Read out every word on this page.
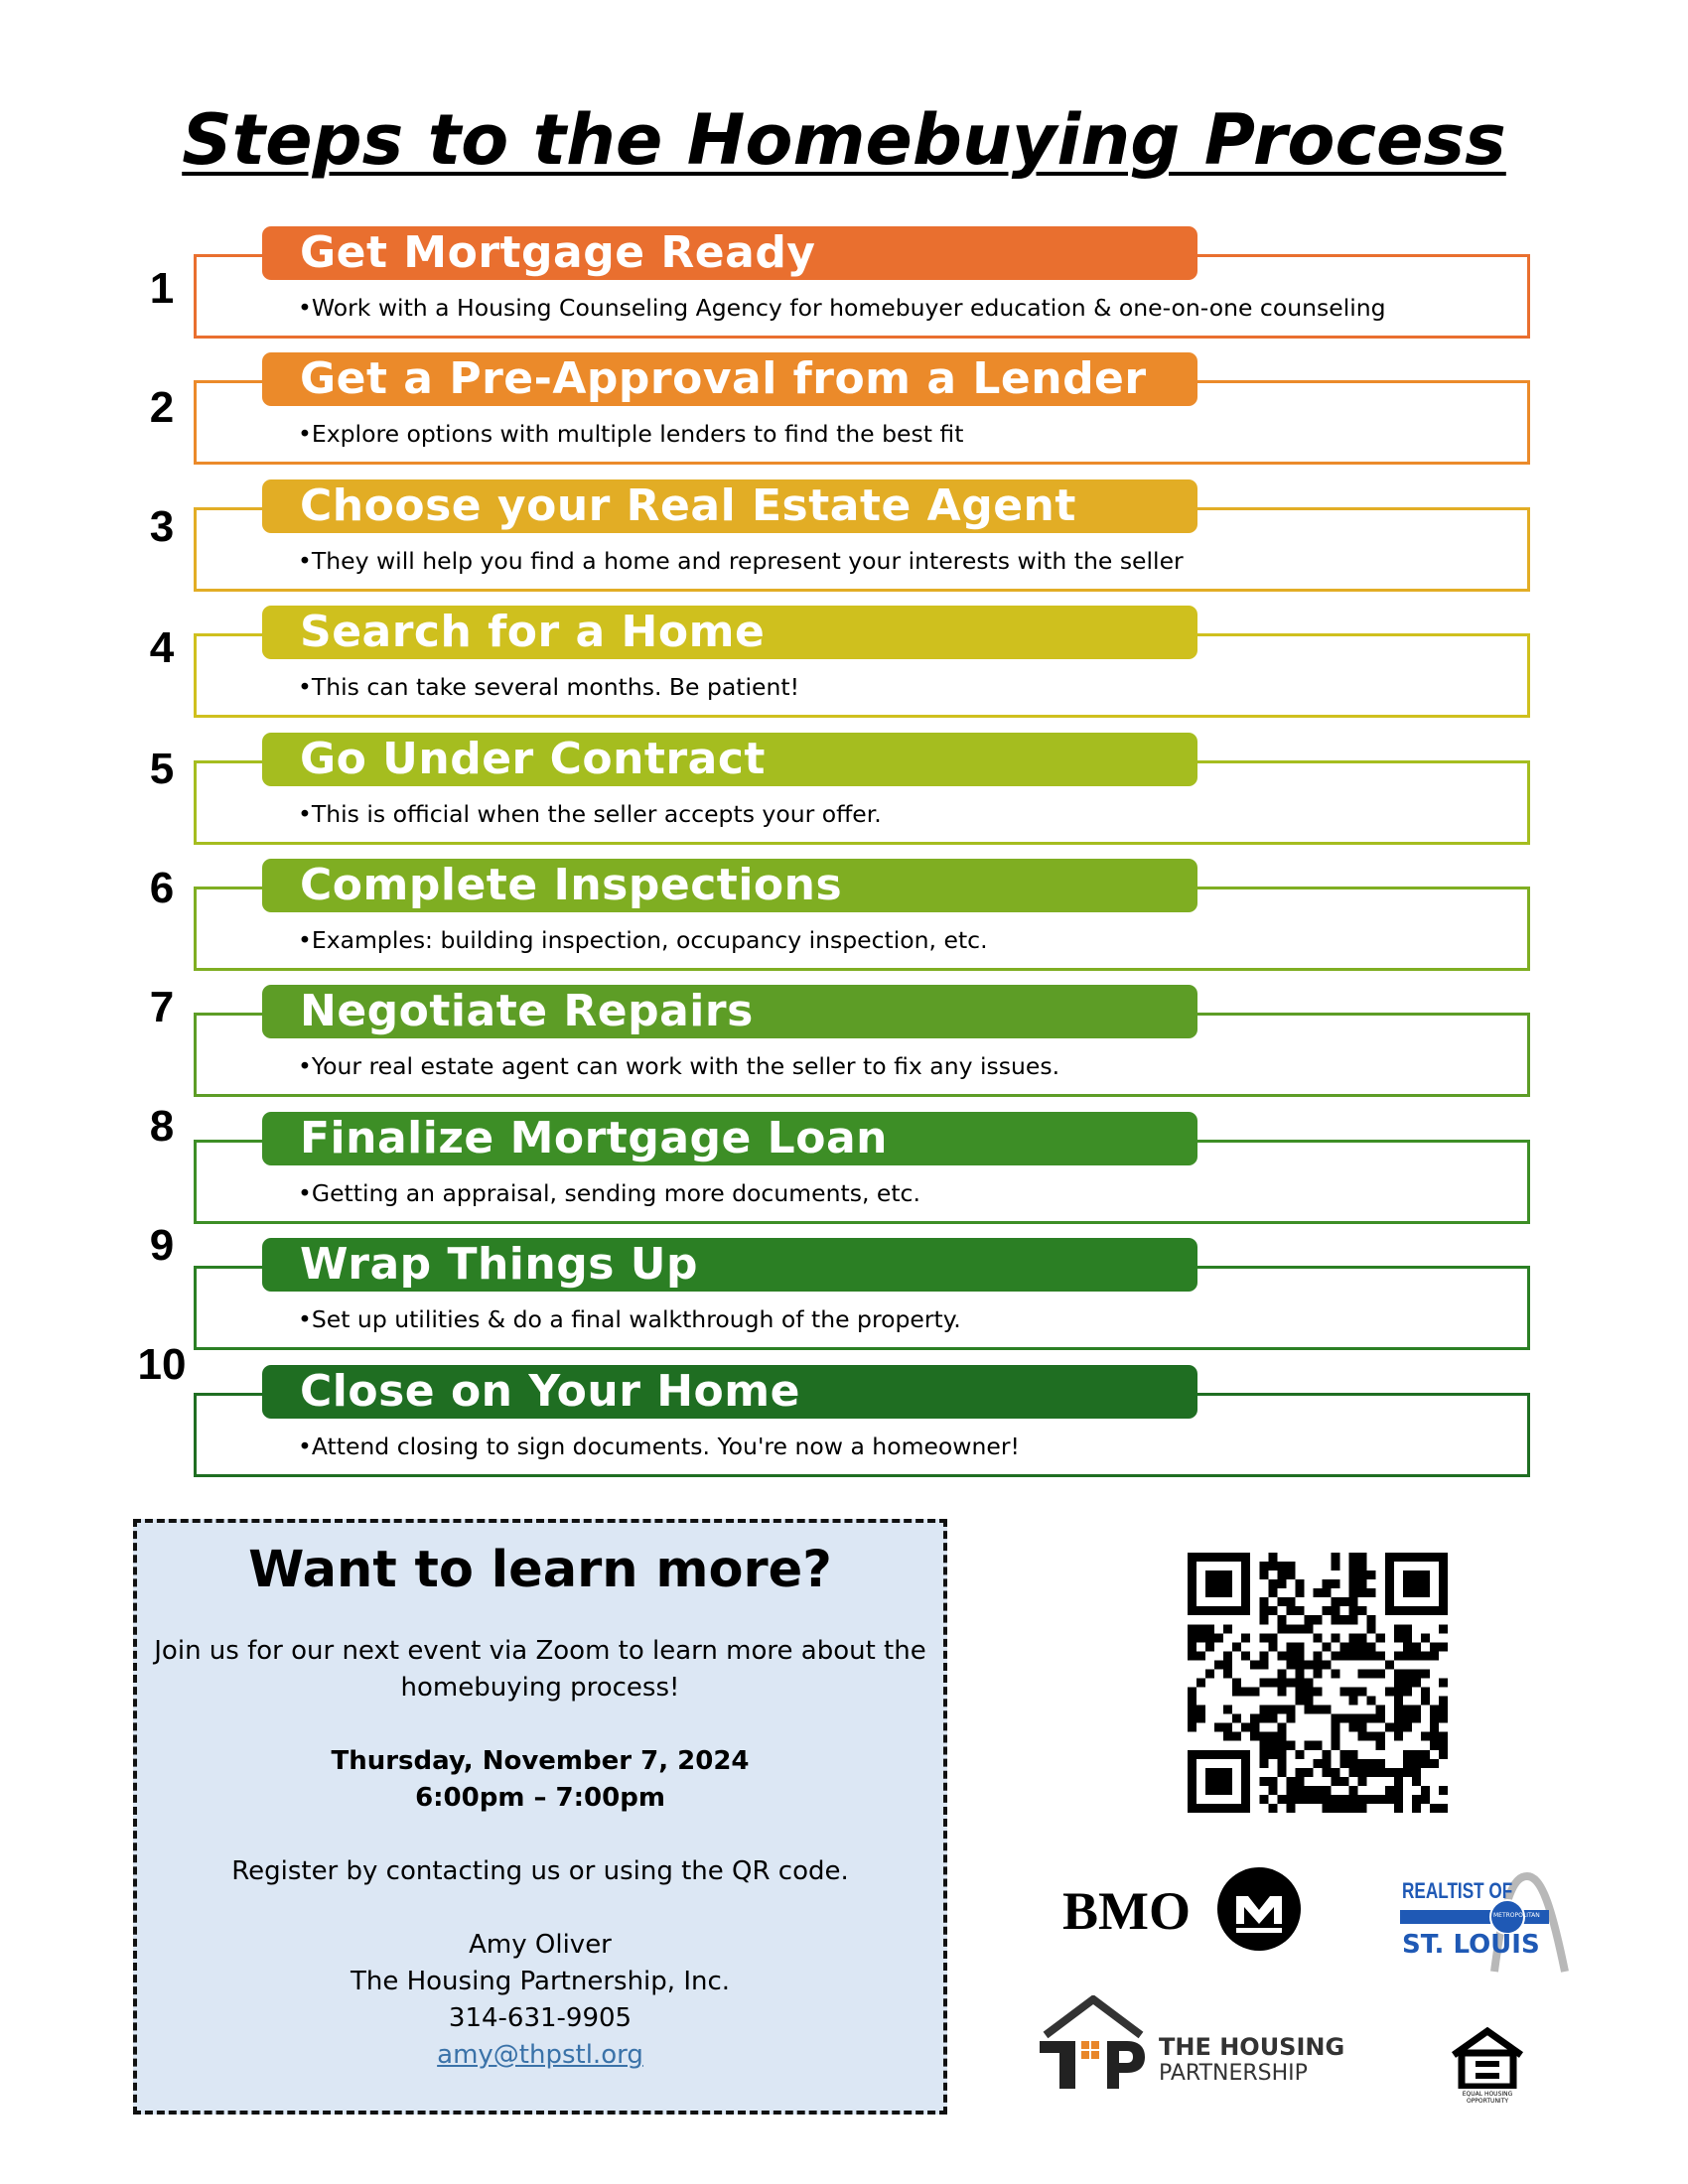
Steps to the Homebuying Process
Get Mortgage Ready
•Work with a Housing Counseling Agency for homebuyer education & one-on-one counseling
1
Get a Pre-Approval from a Lender
•Explore options with multiple lenders to find the best fit
2
Choose your Real Estate Agent
•They will help you find a home and represent your interests with the seller
3
Search for a Home
•This can take several months. Be patient!
4
Go Under Contract
•This is official when the seller accepts your offer.
5
Complete Inspections
•Examples: building inspection, occupancy inspection, etc.
6
Negotiate Repairs
•Your real estate agent can work with the seller to fix any issues.
7
Finalize Mortgage Loan
•Getting an appraisal, sending more documents, etc.
8
Wrap Things Up
•Set up utilities & do a final walkthrough of the property.
9
Close on Your Home
•Attend closing to sign documents. You're now a homeowner!
10
Want to learn more?

Join us for our next event via Zoom to learn more about the

homebuying process!

Thursday, November 7, 2024

6:00pm – 7:00pm

Register by contacting us or using the QR code.

Amy Oliver

The Housing Partnership, Inc.

314-631-9905

amy@thpstl.org

BMO	REALTIST OF
METROPOLITAN
ST. LOUIS
THE HOUSING
PARTNERSHIP
EQUAL HOUSING OPPORTUNITY
